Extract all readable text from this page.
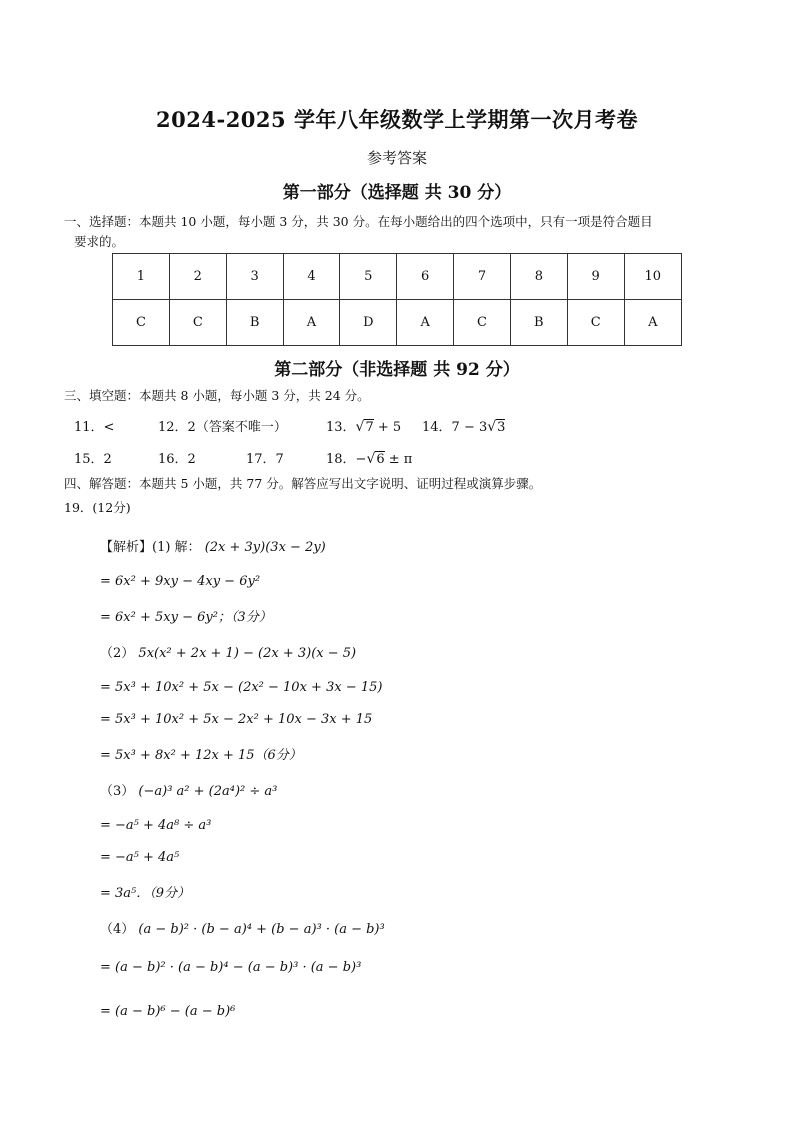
2024-2025 学年八年级数学上学期第一次月考卷
参考答案
第一部分（选择题 共 30 分）
一、选择题：本题共 10 小题，每小题 3 分，共 30 分。在每小题给出的四个选项中，只有一项是符合题目
要求的。
1	2	3	4	5	6	7	8	9	10
C	C	B	A	D	A	C	B	C	A
第二部分（非选择题 共 92 分）
三、填空题：本题共 8 小题，每小题 3 分，共 24 分。
11．<	12．2（答案不唯一）	13．√7 + 5 14．7 − 3√3
15．2	16．2	17．7	18．−√6 ± π
四、解答题：本题共 5 小题，共 77 分。解答应写出文字说明、证明过程或演算步骤。
19．(12分)
【解析】(1) 解： (2x + 3y)(3x − 2y)
= 6x² + 9xy − 4xy − 6y²
= 6x² + 5xy − 6y²；（3分）
（2） 5x(x² + 2x + 1) − (2x + 3)(x − 5)
= 5x³ + 10x² + 5x − (2x² − 10x + 3x − 15)
= 5x³ + 10x² + 5x − 2x² + 10x − 3x + 15
= 5x³ + 8x² + 12x + 15（6分）
（3） (−a)³ a² + (2a⁴)² ÷ a³
= −a⁵ + 4a⁸ ÷ a³
= −a⁵ + 4a⁵
= 3a⁵．（9分）
（4） (a − b)² · (b − a)⁴ + (b − a)³ · (a − b)³
= (a − b)² · (a − b)⁴ − (a − b)³ · (a − b)³
= (a − b)⁶ − (a − b)⁶
